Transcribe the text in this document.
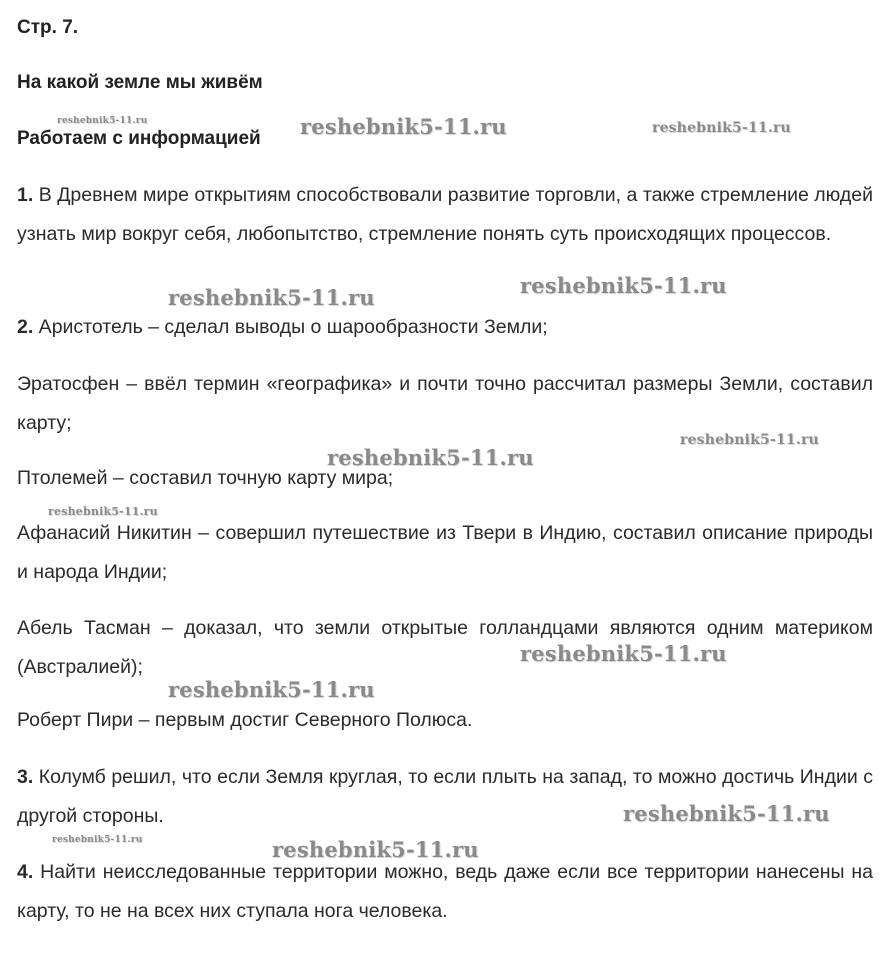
Стр. 7.
На какой земле мы живём
Работаем с информацией

1. В Древнем мире открытиям способствовали развитие торговли, а также стремление людей узнать мир вокруг себя, любопытство, стремление понять суть происходящих процессов.

2. Аристотель – сделал выводы о шарообразности Земли;

Эратосфен – ввёл термин «географика» и почти точно рассчитал размеры Земли, составил карту;

Птолемей – составил точную карту мира;

Афанасий Никитин – совершил путешествие из Твери в Индию, составил описание природы и народа Индии;

Абель Тасман – доказал, что земли открытые голландцами являются одним материком (Австралией);

Роберт Пири – первым достиг Северного Полюса.

3. Колумб решил, что если Земля круглая, то если плыть на запад, то можно достичь Индии с другой стороны.

4. Найти неисследованные территории можно, ведь даже если все территории нанесены на карту, то не на всех них ступала нога человека.

reshebnik5-11.ru	reshebnik5-11.ru	reshebnik5-11.ru
reshebnik5-11.ru
reshebnik5-11.ru
reshebnik5-11.ru
reshebnik5-11.ru
reshebnik5-11.ru
reshebnik5-11.ru
reshebnik5-11.ru
reshebnik5-11.ru
reshebnik5-11.ru	reshebnik5-11.ru
